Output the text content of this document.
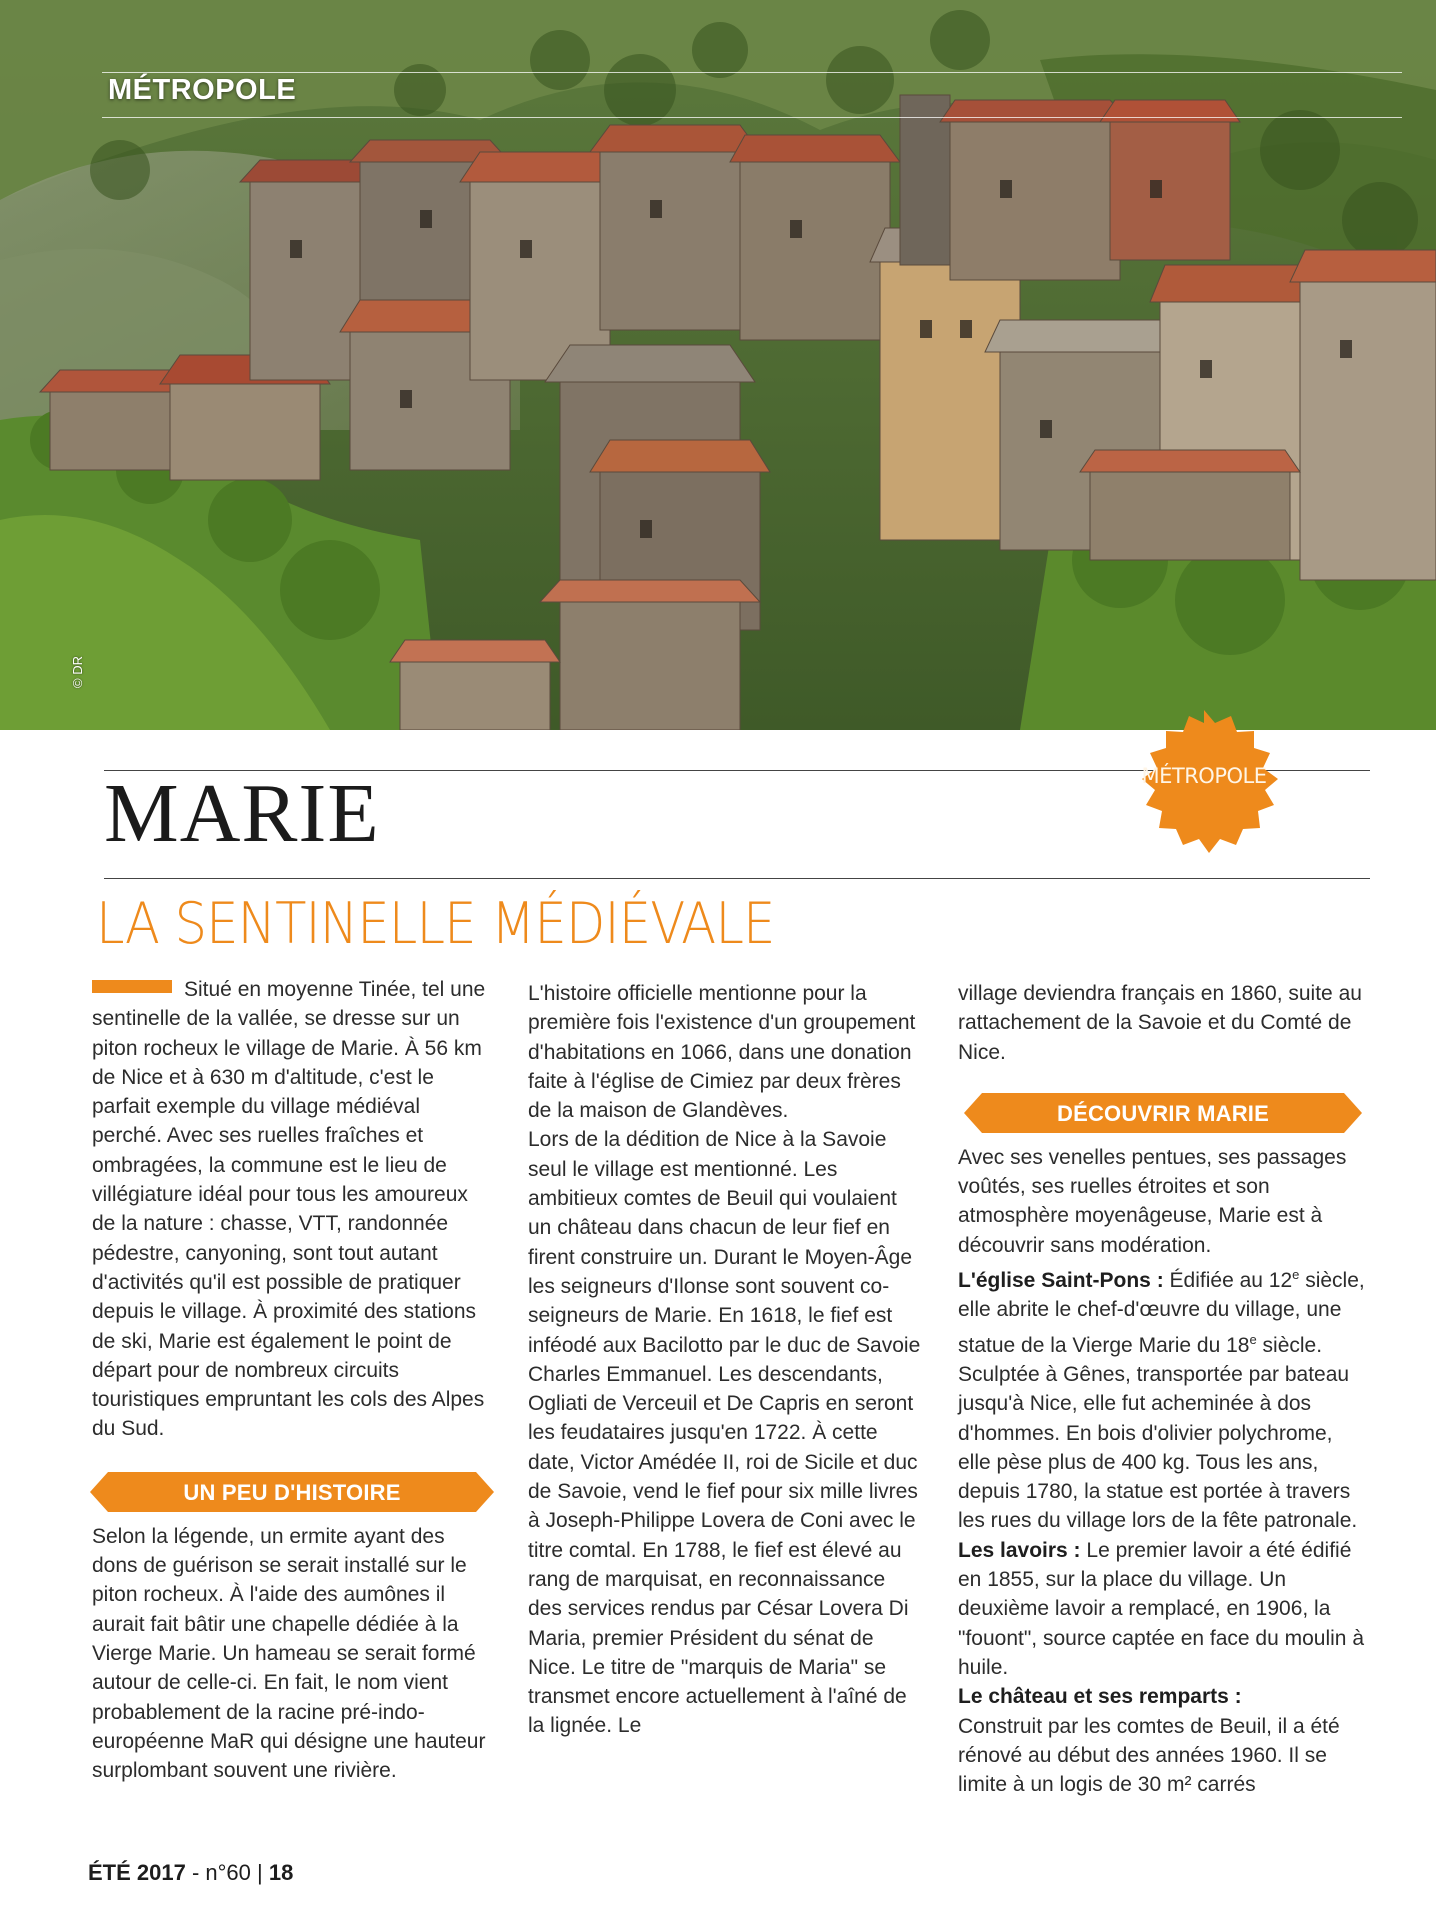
MÉTROPOLE
© DR
MARIE
LA SENTINELLE MÉDIÉVALE
MÉTROPOLE

Situé en moyenne Tinée, tel une sentinelle de la vallée, se dresse sur un piton rocheux le village de Marie. À 56 km de Nice et à 630 m d'altitude, c'est le parfait exemple du village médiéval perché. Avec ses ruelles fraîches et ombragées, la commune est le lieu de villégiature idéal pour tous les amoureux de la nature : chasse, VTT, randonnée pédestre, canyoning, sont tout autant d'activités qu'il est possible de pratiquer depuis le village. À proximité des stations de ski, Marie est également le point de départ pour de nombreux circuits touristiques empruntant les cols des Alpes du Sud.

UN PEU D'HISTOIRE

Selon la légende, un ermite ayant des dons de guérison se serait installé sur le piton rocheux. À l'aide des aumônes il aurait fait bâtir une chapelle dédiée à la Vierge Marie. Un hameau se serait formé autour de celle-ci. En fait, le nom vient probablement de la racine pré-indo-européenne MaR qui désigne une hauteur surplombant souvent une rivière.

L'histoire officielle mentionne pour la première fois l'existence d'un groupement d'habitations en 1066, dans une donation faite à l'église de Cimiez par deux frères de la maison de Glandèves.

Lors de la dédition de Nice à la Savoie seul le village est mentionné. Les ambitieux comtes de Beuil qui voulaient un château dans chacun de leur fief en firent construire un. Durant le Moyen-Âge les seigneurs d'Ilonse sont souvent co-seigneurs de Marie. En 1618, le fief est inféodé aux Bacilotto par le duc de Savoie Charles Emmanuel. Les descendants, Ogliati de Verceuil et De Capris en seront les feudataires jusqu'en 1722. À cette date, Victor Amédée II, roi de Sicile et duc de Savoie, vend le fief pour six mille livres à Joseph-Philippe Lovera de Coni avec le titre comtal. En 1788, le fief est élevé au rang de marquisat, en reconnaissance des services rendus par César Lovera Di Maria, premier Président du sénat de Nice. Le titre de "marquis de Maria" se transmet encore actuellement à l'aîné de la lignée. Le

village deviendra français en 1860, suite au rattachement de la Savoie et du Comté de Nice.

DÉCOUVRIR MARIE

Avec ses venelles pentues, ses passages voûtés, ses ruelles étroites et son atmosphère moyenâgeuse, Marie est à découvrir sans modération.

L'église Saint-Pons : Édifiée au 12e siècle, elle abrite le chef-d'œuvre du village, une statue de la Vierge Marie du 18e siècle. Sculptée à Gênes, transportée par bateau jusqu'à Nice, elle fut acheminée à dos d'hommes. En bois d'olivier polychrome, elle pèse plus de 400 kg. Tous les ans, depuis 1780, la statue est portée à travers les rues du village lors de la fête patronale.

Les lavoirs : Le premier lavoir a été édifié en 1855, sur la place du village. Un deuxième lavoir a remplacé, en 1906, la "fouont", source captée en face du moulin à huile.

Le château et ses remparts :
Construit par les comtes de Beuil, il a été rénové au début des années 1960. Il se limite à un logis de 30 m² carrés

ÉTÉ 2017 - n°60 | 18
